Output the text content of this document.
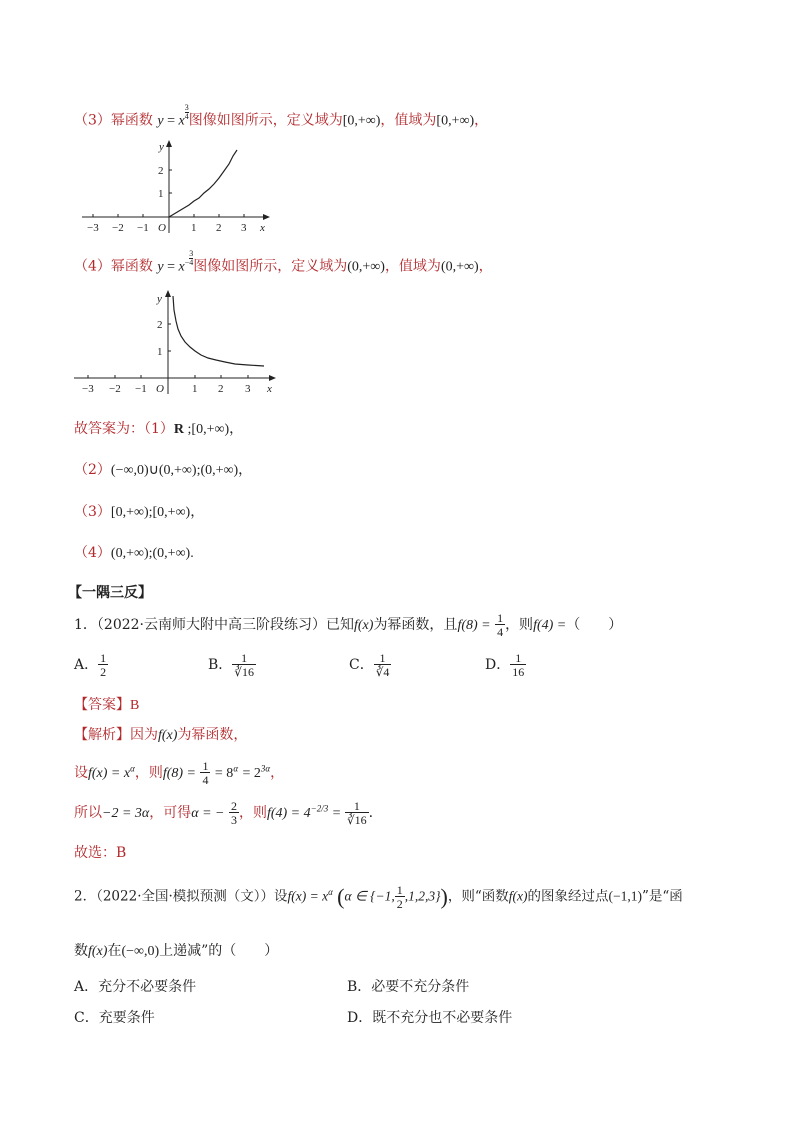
（3）幂函数 y = x
$\frac{3}{4}$ 图像如图所示，定义域为[0,+∞)，值域为[0,+∞)，
−3 −2 −1	1 2 3
1
2
O	x
y
（4）幂函数 $y = x- \frac{3}{4}$ 图像如图所示，定义域为(0,+∞)，值域为(0,+∞)，
−3 −2 −1	1 2 3
1
2
O	x
y
故答案为：（1）R ;[0,+∞)，
（2）(−∞,0)∪(0,+∞);(0,+∞)，
（3）[0,+∞);[0,+∞)，
（4）(0,+∞);(0,+∞).
【一隅三反】
1．（2022·云南师大附中高三阶段练习）已知f(x)为幂函数，且$f(8) = \frac{1}{4}$ ，则f(4) =（　　）
A． $\frac{1}{2}$	B． $\frac{1}{∛16}$	C． $\frac{1}{∛4}$	D． $\frac{1}{16}$
【答案】B
【解析】因为f(x)为幂函数，
设$f(x) = x^\alpha$，则$f(8) = \frac{1}{4} = 8^\alpha = 2^{3\alpha}$，
所以−2 = 3α，可得α = − $\frac{2}{3}$ ，则$f(4) = 4^{-2/3} = \frac{1}{∛16}$ .
故选：B
2．（2022·全国·模拟预测（文））设$f(x) = x^\alpha$ (α ∈ {−1, $\frac{1}{2} ,1,2,3$})，则“函数f(x)的图象经过点(−1,1)”是“函
数f(x)在(−∞,0)上递减”的（　　）
A．充分不必要条件	B．必要不充分条件
C．充要条件	D．既不充分也不必要条件
